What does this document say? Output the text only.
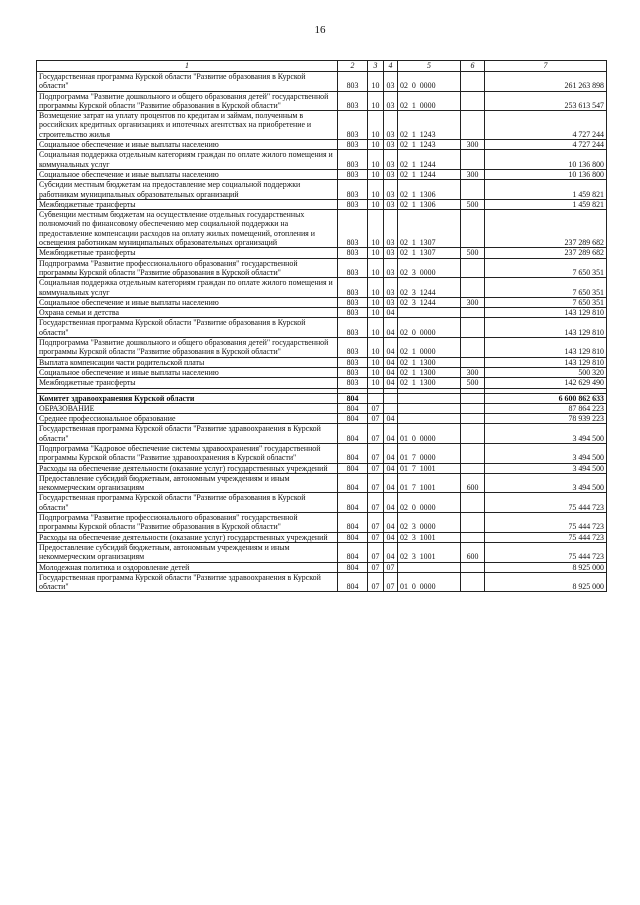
16
1	2	3	4	5	6	7
Государственная программа Курской области "Развитие образования в Курской области"	803	10	03	02  0  0000		261 263 898
Подпрограмма "Развитие дошкольного и общего образования детей" государственной программы Курской области "Развитие образования в Курской области"	803	10	03	02  1  0000		253 613 547
Возмещение затрат на уплату процентов по кредитам и займам, полученным в российских кредитных организациях и ипотечных агентствах на приобретение и строительство жилья	803	10	03	02  1  1243		4 727 244
Социальное обеспечение и иные выплаты населению	803	10	03	02  1  1243	300	4 727 244
Социальная поддержка отдельным категориям граждан по оплате жилого помещения и коммунальных услуг	803	10	03	02  1  1244		10 136 800
Социальное обеспечение и иные выплаты населению	803	10	03	02  1  1244	300	10 136 800
Субсидии местным бюджетам на предоставление мер социальной поддержки работникам муниципальных образовательных организаций	803	10	03	02  1  1306		1 459 821
Межбюджетные трансферты	803	10	03	02  1  1306	500	1 459 821
Субвенции местным бюджетам на осуществление отдельных государственных полномочий по финансовому обеспечению мер социальной поддержки на предоставление компенсации расходов на оплату жилых помещений, отопления и освещения работникам муниципальных образовательных организаций	803	10	03	02  1  1307		237 289 682
Межбюджетные трансферты	803	10	03	02  1  1307	500	237 289 682
Подпрограмма "Развитие профессионального образования" государственной программы Курской области "Развитие образования в Курской области"	803	10	03	02  3  0000		7 650 351
Социальная поддержка отдельным категориям граждан по оплате жилого помещения и коммунальных услуг	803	10	03	02  3  1244		7 650 351
Социальное обеспечение и иные выплаты населению	803	10	03	02  3  1244	300	7 650 351
Охрана семьи и детства	803	10	04			143 129 810
Государственная программа Курской области "Развитие образования в Курской области"	803	10	04	02  0  0000		143 129 810
Подпрограмма "Развитие дошкольного и общего образования детей" государственной программы Курской области "Развитие образования в Курской области"	803	10	04	02  1  0000		143 129 810
Выплата компенсации части родительской платы	803	10	04	02  1  1300		143 129 810
Социальное обеспечение и иные выплаты населению	803	10	04	02  1  1300	300	500 320
Межбюджетные трансферты	803	10	04	02  1  1300	500	142 629 490

Комитет здравоохранения Курской области	804					6 600 862 633
ОБРАЗОВАНИЕ	804	07				87 864 223
Среднее профессиональное образование	804	07	04			78 939 223
Государственная программа Курской области "Развитие здравоохранения в Курской области"	804	07	04	01  0  0000		3 494 500
Подпрограмма "Кадровое обеспечение системы здравоохранения" государственной программы Курской области "Развитие здравоохранения в Курской области"	804	07	04	01  7  0000		3 494 500
Расходы на обеспечение деятельности (оказание услуг) государственных учреждений	804	07	04	01  7  1001		3 494 500
Предоставление субсидий бюджетным, автономным учреждениям и иным некоммерческим организациям	804	07	04	01  7  1001	600	3 494 500
Государственная программа Курской области "Развитие образования в Курской области"	804	07	04	02  0  0000		75 444 723
Подпрограмма "Развитие профессионального образования" государственной программы Курской области "Развитие образования в Курской области"	804	07	04	02  3  0000		75 444 723
Расходы на обеспечение деятельности (оказание услуг) государственных учреждений	804	07	04	02  3  1001		75 444 723
Предоставление субсидий бюджетным, автономным учреждениям и иным некоммерческим организациям	804	07	04	02  3  1001	600	75 444 723
Молодежная политика и оздоровление детей	804	07	07			8 925 000
Государственная программа Курской области "Развитие здравоохранения в Курской области"	804	07	07	01  0  0000		8 925 000
